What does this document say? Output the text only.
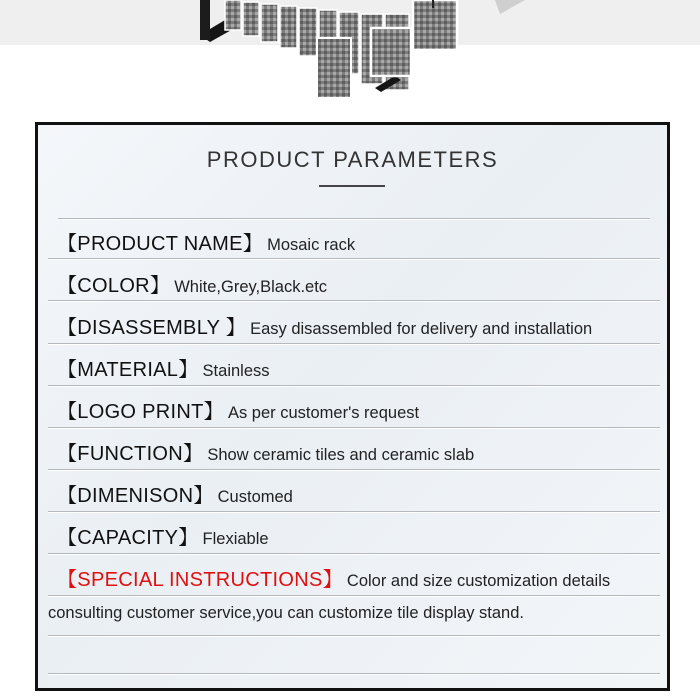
PRODUCT PARAMETERS
【PRODUCT NAME】 Mosaic rack
【COLOR】 White,Grey,Black.etc
【DISASSEMBLY 】 Easy disassembled for delivery and installation
【MATERIAL】 Stainless
【LOGO PRINT】 As per customer's request
【FUNCTION】 Show ceramic tiles and ceramic slab
【DIMENISON】 Customed
【CAPACITY】 Flexiable
【SPECIAL INSTRUCTIONS】 Color and size customization details
consulting customer service,you can customize tile display stand.
